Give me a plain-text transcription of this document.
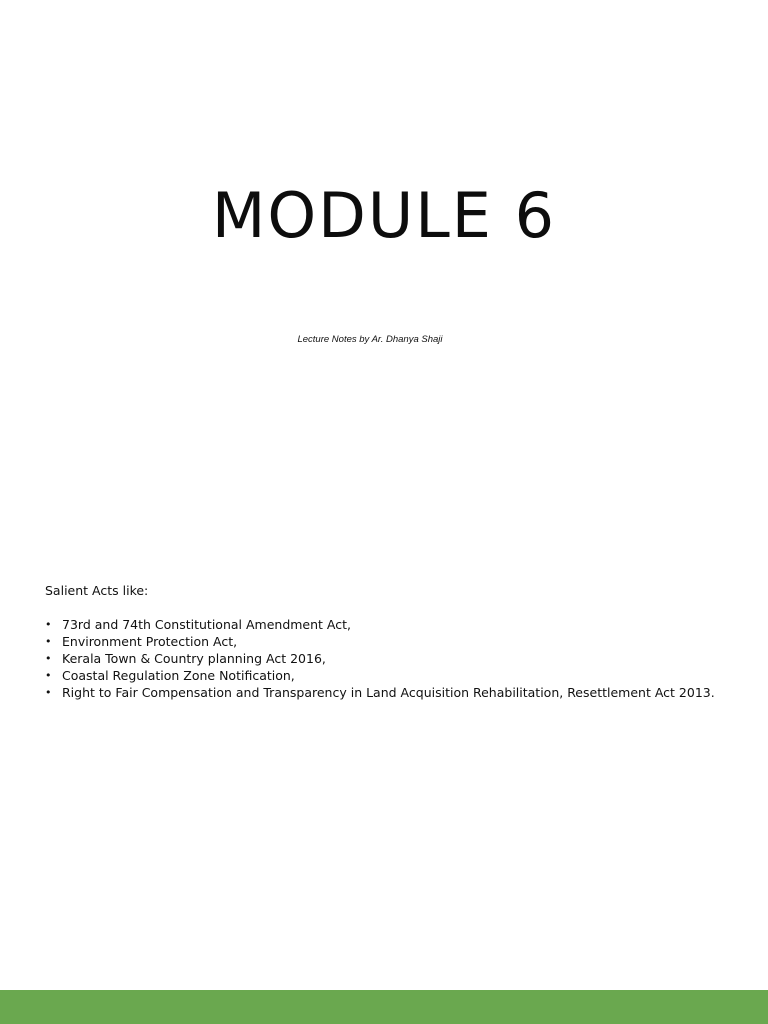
MODULE 6
Lecture Notes by Ar. Dhanya Shaji

Salient Acts like:

• 73rd and 74th Constitutional Amendment Act,
• Environment Protection Act,
• Kerala Town & Country planning Act 2016,
• Coastal Regulation Zone Notification,
• Right to Fair Compensation and Transparency in Land Acquisition Rehabilitation, Resettlement Act 2013.
